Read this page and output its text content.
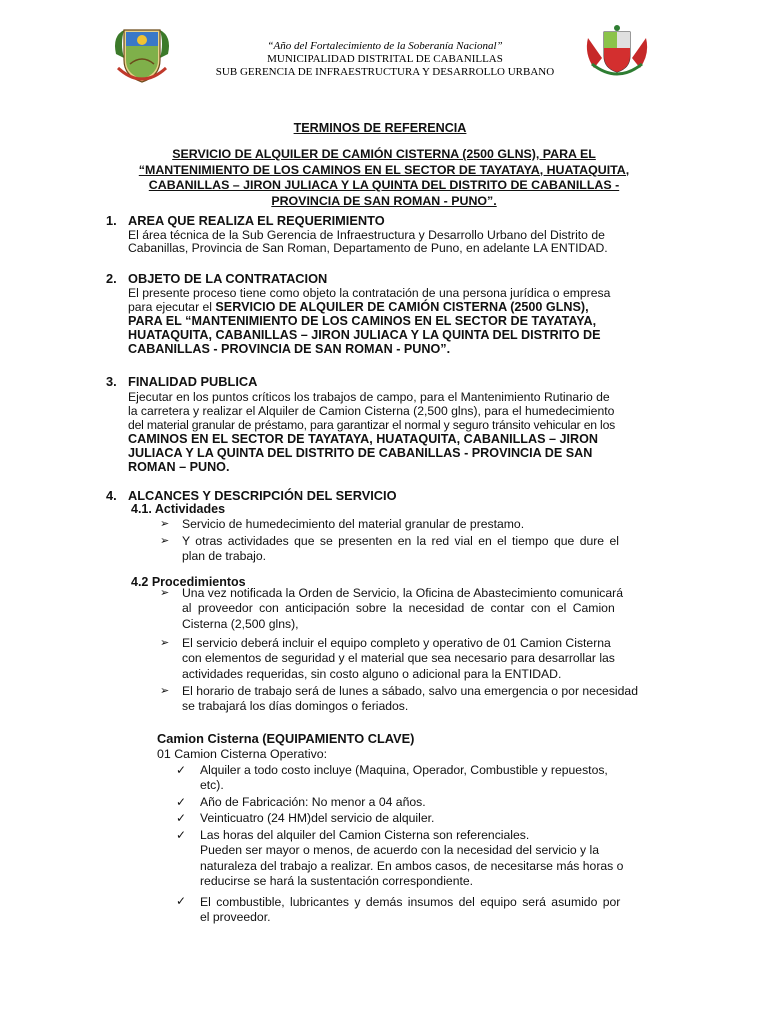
“Año del Fortalecimiento de la Soberanía Nacional”
MUNICIPALIDAD DISTRITAL DE CABANILLAS
SUB GERENCIA DE INFRAESTRUCTURA Y DESARROLLO URBANO
TERMINOS DE REFERENCIA
SERVICIO DE ALQUILER DE CAMIÓN CISTERNA (2500 GLNS), PARA EL
“MANTENIMIENTO DE LOS CAMINOS EN EL SECTOR DE TAYATAYA, HUATAQUITA,
CABANILLAS – JIRON JULIACA Y LA QUINTA DEL DISTRITO DE CABANILLAS -
PROVINCIA DE SAN ROMAN - PUNO”.
1. AREA QUE REALIZA EL REQUERIMIENTO
El área técnica de la Sub Gerencia de Infraestructura y Desarrollo Urbano del Distrito de
Cabanillas, Provincia de San Roman, Departamento de Puno, en adelante LA ENTIDAD.
2. OBJETO DE LA CONTRATACION
El presente proceso tiene como objeto la contratación de una persona jurídica o empresa
para ejecutar el SERVICIO DE ALQUILER DE CAMIÓN CISTERNA (2500 GLNS),
PARA EL “MANTENIMIENTO DE LOS CAMINOS EN EL SECTOR DE TAYATAYA,
HUATAQUITA, CABANILLAS – JIRON JULIACA Y LA QUINTA DEL DISTRITO DE
CABANILLAS - PROVINCIA DE SAN ROMAN - PUNO”.
3. FINALIDAD PUBLICA
Ejecutar en los puntos críticos los trabajos de campo, para el Mantenimiento Rutinario de
la carretera y realizar el Alquiler de Camion Cisterna (2,500 glns), para el humedecimiento
del material granular de préstamo, para garantizar el normal y seguro tránsito vehicular en los
CAMINOS EN EL SECTOR DE TAYATAYA, HUATAQUITA, CABANILLAS – JIRON
JULIACA Y LA QUINTA DEL DISTRITO DE CABANILLAS - PROVINCIA DE SAN
ROMAN – PUNO.
4. ALCANCES Y DESCRIPCIÓN DEL SERVICIO
4.1. Actividades
➢ Servicio de humedecimiento del material granular de prestamo.
➢ Y otras actividades que se presenten en la red vial en el tiempo que dure el
plan de trabajo.
4.2 Procedimientos
➢ Una vez notificada la Orden de Servicio, la Oficina de Abastecimiento comunicará
al proveedor con anticipación sobre la necesidad de contar con el Camion
Cisterna (2,500 glns),
➢ El servicio deberá incluir el equipo completo y operativo de 01 Camion Cisterna
con elementos de seguridad y el material que sea necesario para desarrollar las
actividades requeridas, sin costo alguno o adicional para la ENTIDAD.
➢ El horario de trabajo será de lunes a sábado, salvo una emergencia o por necesidad
se trabajará los días domingos o feriados.
Camion Cisterna (EQUIPAMIENTO CLAVE)
01 Camion Cisterna Operativo:
✓ Alquiler a todo costo incluye (Maquina, Operador, Combustible y repuestos,
etc).
✓ Año de Fabricación: No menor a 04 años.
✓ Veinticuatro (24 HM)del servicio de alquiler.
✓ Las horas del alquiler del Camion Cisterna son referenciales.
Pueden ser mayor o menos, de acuerdo con la necesidad del servicio y la
naturaleza del trabajo a realizar. En ambos casos, de necesitarse más horas o
reducirse se hará la sustentación correspondiente.
✓ El combustible, lubricantes y demás insumos del equipo será asumido por
el proveedor.
